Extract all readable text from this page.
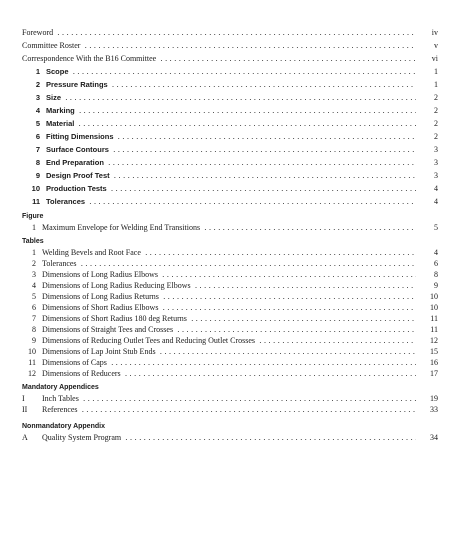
Foreword . . .	iv
Committee Roster . . .	v
Correspondence With the B16 Committee . . .	vi
1 Scope . . .	1
2 Pressure Ratings . . .	1
3 Size . . .	2
4 Marking . . .	2
5 Material . . .	2
6 Fitting Dimensions . . .	2
7 Surface Contours . . .	3
8 End Preparation . . .	3
9 Design Proof Test . . .	3
10 Production Tests . . .	4
11 Tolerances . . .	4
Figure
1 Maximum Envelope for Welding End Transitions . . .	5
Tables
1 Welding Bevels and Root Face . . .	4
2 Tolerances . . .	6
3 Dimensions of Long Radius Elbows . . .	8
4 Dimensions of Long Radius Reducing Elbows . . .	9
5 Dimensions of Long Radius Returns . . .	10
6 Dimensions of Short Radius Elbows . . .	10
7 Dimensions of Short Radius 180 deg Returns . . .	11
8 Dimensions of Straight Tees and Crosses . . .	11
9 Dimensions of Reducing Outlet Tees and Reducing Outlet Crosses . . .	12
10 Dimensions of Lap Joint Stub Ends . . .	15
11 Dimensions of Caps . . .	16
12 Dimensions of Reducers . . .	17
Mandatory Appendices
I Inch Tables . . .	19
II References . . .	33
Nonmandatory Appendix
A Quality System Program . . .	34
